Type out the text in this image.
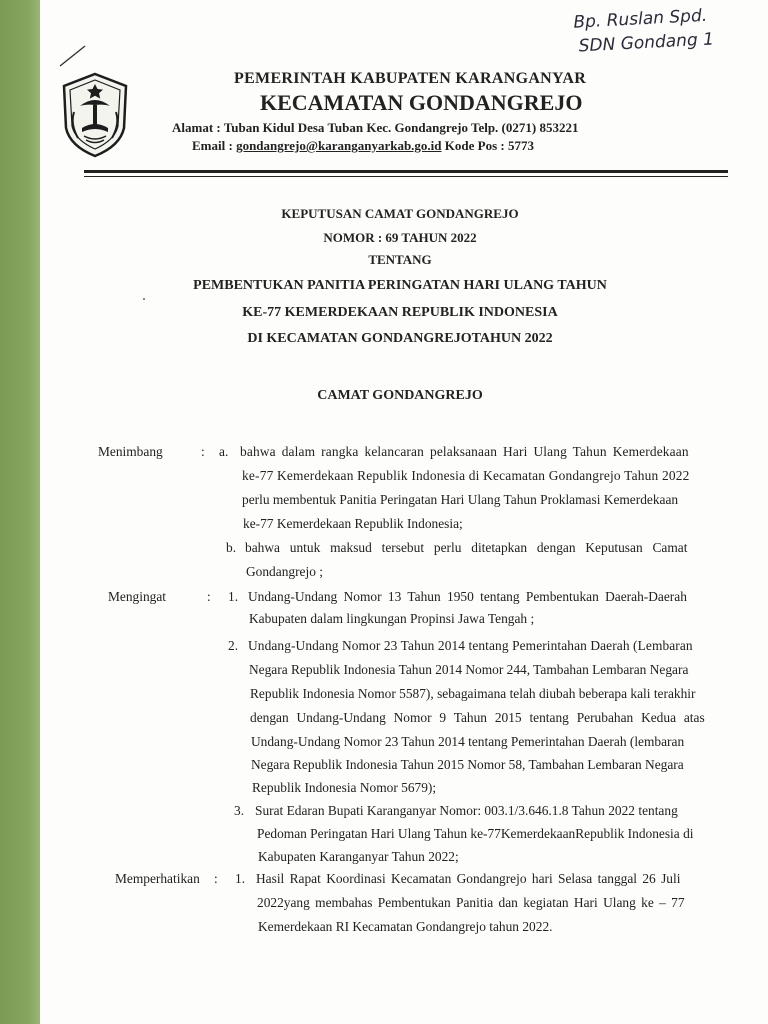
Bp. Ruslan Spd.
SDN Gondang 1
PEMERINTAH KABUPATEN KARANGANYAR
KECAMATAN GONDANGREJO
Alamat : Tuban Kidul Desa Tuban Kec. Gondangrejo Telp. (0271) 853221
Email : gondangrejo@karanganyarkab.go.id Kode Pos : 5773
KEPUTUSAN CAMAT GONDANGREJO
NOMOR : 69 TAHUN 2022
TENTANG
PEMBENTUKAN PANITIA PERINGATAN HARI ULANG TAHUN
KE-77 KEMERDEKAAN REPUBLIK INDONESIA
DI KECAMATAN GONDANGREJOTAHUN 2022
CAMAT GONDANGREJO
Menimbang	: a. bahwa dalam rangka kelancaran pelaksanaan Hari Ulang Tahun Kemerdekaan
ke-77 Kemerdekaan Republik Indonesia di Kecamatan Gondangrejo Tahun 2022
perlu membentuk Panitia Peringatan Hari Ulang Tahun Proklamasi Kemerdekaan
ke-77 Kemerdekaan Republik Indonesia;
b. bahwa untuk maksud tersebut perlu ditetapkan dengan Keputusan Camat
Gondangrejo ;
Mengingat	: 1. Undang-Undang Nomor 13 Tahun 1950 tentang Pembentukan Daerah-Daerah
Kabupaten dalam lingkungan Propinsi Jawa Tengah ;
2. Undang-Undang Nomor 23 Tahun 2014 tentang Pemerintahan Daerah (Lembaran
Negara Republik Indonesia Tahun 2014 Nomor 244, Tambahan Lembaran Negara
Republik Indonesia Nomor 5587), sebagaimana telah diubah beberapa kali terakhir
dengan Undang-Undang Nomor 9 Tahun 2015 tentang Perubahan Kedua atas
Undang-Undang Nomor 23 Tahun 2014 tentang Pemerintahan Daerah (lembaran
Negara Republik Indonesia Tahun 2015 Nomor 58, Tambahan Lembaran Negara
Republik Indonesia Nomor 5679);
3. Surat Edaran Bupati Karanganyar Nomor: 003.1/3.646.1.8 Tahun 2022 tentang
Pedoman Peringatan Hari Ulang Tahun ke-77KemerdekaanRepublik Indonesia di
Kabupaten Karanganyar Tahun 2022;
Memperhatikan : 1. Hasil Rapat Koordinasi Kecamatan Gondangrejo hari Selasa tanggal 26 Juli
2022yang membahas Pembentukan Panitia dan kegiatan Hari Ulang ke – 77
Kemerdekaan RI Kecamatan Gondangrejo tahun 2022.
